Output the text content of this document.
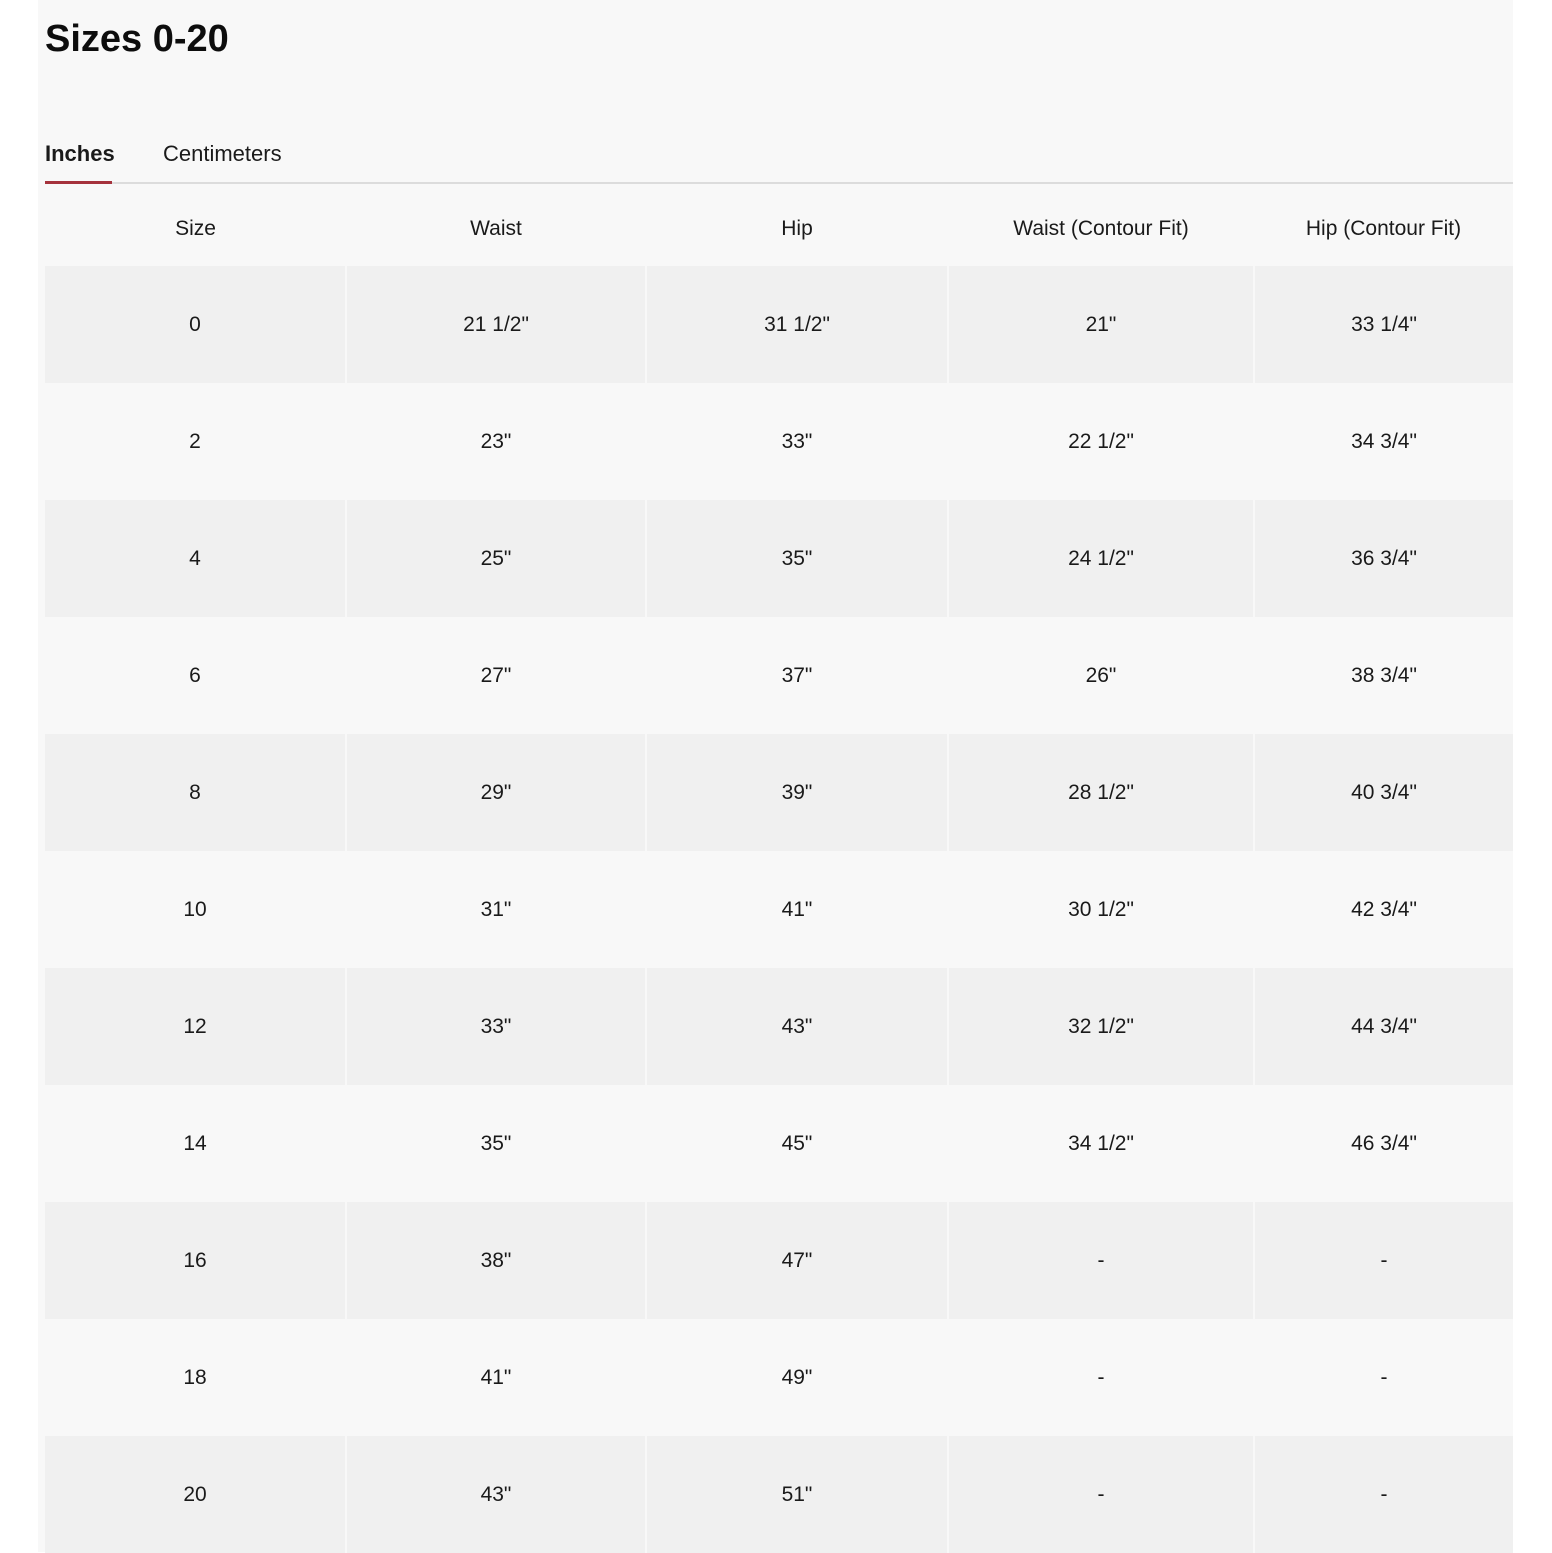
Sizes 0-20
Inches Centimeters
Size	Waist	Hip	Waist (Contour Fit)	Hip (Contour Fit)
0	21 1/2"	31 1/2"	21"	33 1/4"
2	23"	33"	22 1/2"	34 3/4"
4	25"	35"	24 1/2"	36 3/4"
6	27"	37"	26"	38 3/4"
8	29"	39"	28 1/2"	40 3/4"
10	31"	41"	30 1/2"	42 3/4"
12	33"	43"	32 1/2"	44 3/4"
14	35"	45"	34 1/2"	46 3/4"
16	38"	47"	-	-
18	41"	49"	-	-
20	43"	51"	-	-
